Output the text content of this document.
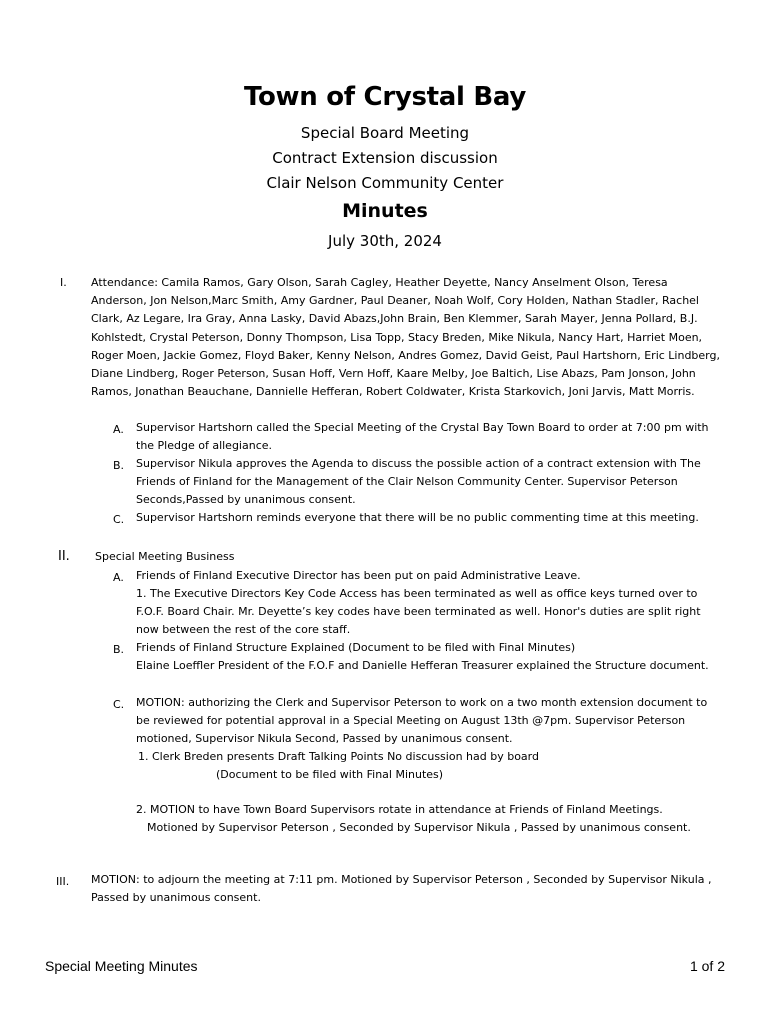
Town of Crystal Bay
Special Board Meeting
Contract Extension discussion
Clair Nelson Community Center
Minutes
July 30th, 2024
I. Attendance: Camila Ramos, Gary Olson, Sarah Cagley, Heather Deyette, Nancy Anselment Olson, Teresa Anderson, Jon Nelson,Marc Smith, Amy Gardner, Paul Deaner, Noah Wolf, Cory Holden, Nathan Stadler, Rachel Clark, Az Legare, Ira Gray, Anna Lasky, David Abazs,John Brain, Ben Klemmer, Sarah Mayer, Jenna Pollard, B.J. Kohlstedt, Crystal Peterson, Donny Thompson, Lisa Topp, Stacy Breden, Mike Nikula, Nancy Hart, Harriet Moen, Roger Moen, Jackie Gomez, Floyd Baker, Kenny Nelson, Andres Gomez, David Geist, Paul Hartshorn, Eric Lindberg, Diane Lindberg, Roger Peterson, Susan Hoff, Vern Hoff, Kaare Melby, Joe Baltich, Lise Abazs, Pam Jonson, John Ramos, Jonathan Beauchane, Dannielle Hefferan, Robert Coldwater, Krista Starkovich, Joni Jarvis, Matt Morris.
A. Supervisor Hartshorn called the Special Meeting of the Crystal Bay Town Board to order at 7:00 pm with the Pledge of allegiance.
B. Supervisor Nikula approves the Agenda to discuss the possible action of a contract extension with The Friends of Finland for the Management of the Clair Nelson Community Center. Supervisor Peterson Seconds,Passed by unanimous consent.
C. Supervisor Hartshorn reminds everyone that there will be no public commenting time at this meeting.
II. Special Meeting Business
A. Friends of Finland Executive Director has been put on paid Administrative Leave.
1. The Executive Directors Key Code Access has been terminated as well as office keys turned over to F.O.F. Board Chair. Mr. Deyette’s key codes have been terminated as well. Honor's duties are split right now between the rest of the core staff.
B. Friends of Finland Structure Explained (Document to be filed with Final Minutes)
Elaine Loeffler President of the F.O.F and Danielle Hefferan Treasurer explained the Structure document.
C. MOTION: authorizing the Clerk and Supervisor Peterson to work on a two month extension document to be reviewed for potential approval in a Special Meeting on August 13th @7pm. Supervisor Peterson motioned, Supervisor Nikula Second, Passed by unanimous consent.
1. Clerk Breden presents Draft Talking Points No discussion had by board
(Document to be filed with Final Minutes)
2. MOTION to have Town Board Supervisors rotate in attendance at Friends of Finland Meetings.
Motioned by Supervisor Peterson , Seconded by Supervisor Nikula , Passed by unanimous consent.
III. MOTION: to adjourn the meeting at 7:11 pm. Motioned by Supervisor Peterson , Seconded by Supervisor Nikula , Passed by unanimous consent.
Special Meeting Minutes	1 of 2
